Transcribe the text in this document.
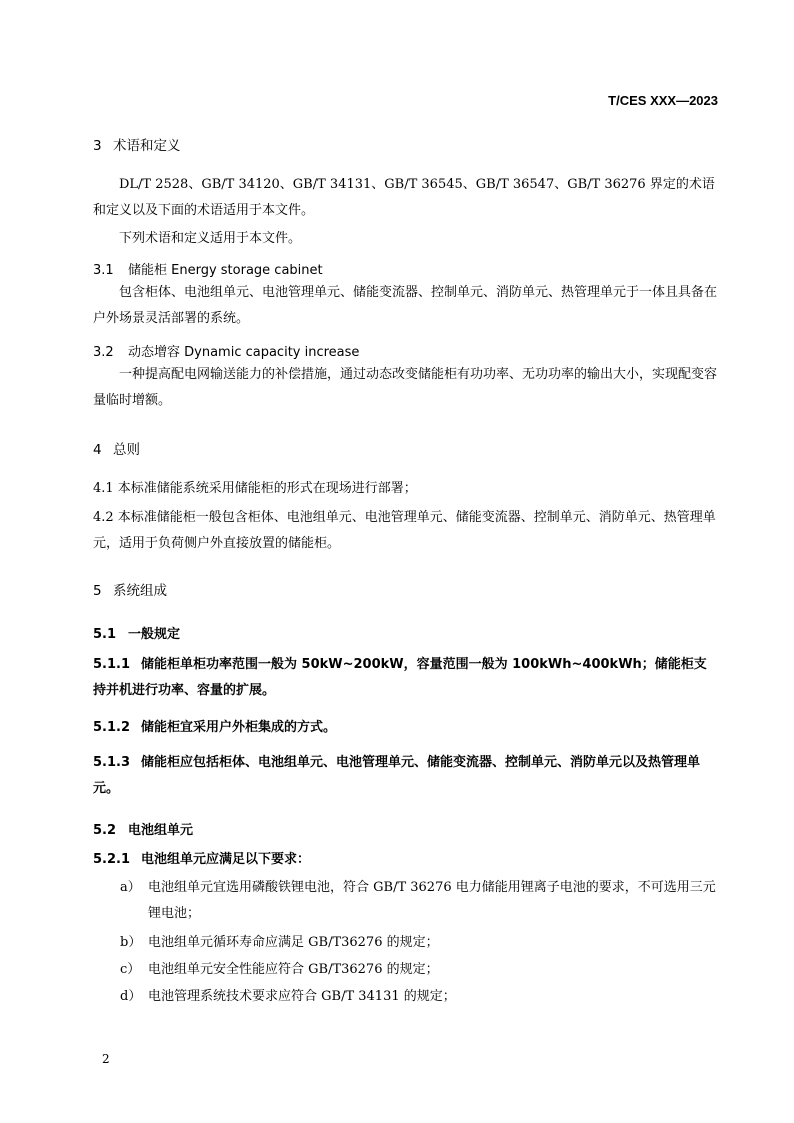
T/CES XXX—2023
3 术语和定义
DL/T 2528、GB/T 34120、GB/T 34131、GB/T 36545、GB/T 36547、GB/T 36276 界定的术语和定义以及下面的术语适用于本文件。
下列术语和定义适用于本文件。
3.1 储能柜 Energy storage cabinet
包含柜体、电池组单元、电池管理单元、储能变流器、控制单元、消防单元、热管理单元于一体且具备在户外场景灵活部署的系统。
3.2 动态增容 Dynamic capacity increase
一种提高配电网输送能力的补偿措施，通过动态改变储能柜有功功率、无功功率的输出大小，实现配变容量临时增额。
4 总则
4.1 本标准储能系统采用储能柜的形式在现场进行部署；
4.2 本标准储能柜一般包含柜体、电池组单元、电池管理单元、储能变流器、控制单元、消防单元、热管理单元，适用于负荷侧户外直接放置的储能柜。
5 系统组成
5.1 一般规定
5.1.1 储能柜单柜功率范围一般为 50kW~200kW，容量范围一般为 100kWh~400kWh；储能柜支持并机进行功率、容量的扩展。
5.1.2 储能柜宜采用户外柜集成的方式。
5.1.3 储能柜应包括柜体、电池组单元、电池管理单元、储能变流器、控制单元、消防单元以及热管理单元。
5.2 电池组单元
5.2.1 电池组单元应满足以下要求：
a） 电池组单元宜选用磷酸铁锂电池，符合 GB/T 36276 电力储能用锂离子电池的要求，不可选用三元锂电池；
b） 电池组单元循环寿命应满足 GB/T36276 的规定；
c） 电池组单元安全性能应符合 GB/T36276 的规定；
d） 电池管理系统技术要求应符合 GB/T 34131 的规定；
2
